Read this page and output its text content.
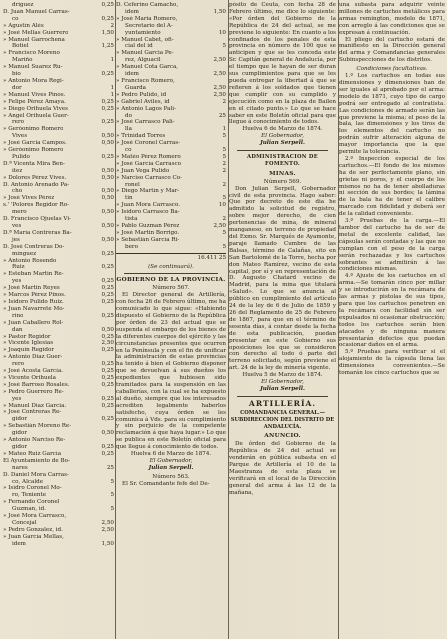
dríguez	0,25
D. Juan Manuel Carras-
co	0,25
» Agustín Alés	2
» José Mellas Guerrero	1,50
» Manuel Garrochena
Botiel	1,25
» Francisco Moreno
Mariño	1
» Manuel Suarez Ru-
bio	0,25
» Antonio Mora Regi-
dor	1
» Manuel Vives Pinos.	1
» Felipe Pérez Amaya.	0,25
» Diego Orihuela Vives	0,25
» Angel Orihuela Guer-
rero	0,25
» Geróonimo Romero
Vives	0,50
» José Garcia Campos.	0,50
» Geróonimo Romero
Pulido	0,25
D.ª Vicenta Mira Ben-
ítez	0,50
» Dolores Pérez Vives.	0,50
D. Antonio Arenado Pa-
cho	0,50
» José Vives Pérez	0,50
s.' 'Polores Regidor Ro-
mero	0,50
D. Francisco Ojuelas Vi-
ves	0,50
D.ª María Contreras Ba-
jes	0,50
D. José Contreras Do-
mínguez	0,25
» Antonio Rosendo
Ruiz	0,25
» Esteban Martin Re-
yes	0,25
» José Martin Reyes	0,25
» Marcos Pérez Pinos.	0,25
» Isidoro Pulido Ruiz.	0,25
» Juan Navarrete Mo-
rino	0,25
» Juan Caballero Rol-
dan	0,50
» Pastor Regidor	0,25
» Vicente Iglesias	2,50
» Joaquín Regidor	0,25
» Antonio Diaz Guer-
rero	0,25
» José Acosta García.	0,25
» Vicente Orihuela	0,25
» José Barroso Rosales.	0,25
» Pedro Guerrero Re-
yes	0,25
» Manuel Diaz Garcia.	0,25
» José Contreras Re-
gidor	0,25
» Sebastián Moreno Re-
gidor	0,50
» Antonio Narciso Re-
gidor	0,25
» Mateo Ruiz García	0,25
El Ayuntamiento de Bo-
nares	25
D. Daniel Mora Carras-
co, Alcalde	5
» Isidro Coronel Mo-
ro, Teniente	5
» Fernando Coronel
Guzman, id.	5
» José Mora Carrasco,
Concejal	2,50
» Pedro Gonzalez, id.	2,50
» Juan García Mellas,
idem	1,50
D. Ceferino Camacho,
idem	1,50
» José Maria Romero,
Secretario del A-
yuntamiento	10
» Manuel Cabet, ofi-
cial del id	5
» Manuel Garcia Pe-
rez, Alguacil	2,50
» Manuel Cota Garca,
idem	2,50
» Francisco Romero,
Guarda	2,50
» Pedro Pulido, id	2,50
» Gabriel Aviles, id	2
» Antonio Lagos Pali-
do	25
» José Carrasco Pali-
lla	1
» Trinidad Torres	5
» José Coronel Carras-
co	5
» Matéo Pérez Romero	5
» José García Carrasco	2
» Juan Vega Pulido	2
» Narciso Carrasco Co-
ronel	2
» Diego Martín y Mar-
tin	5
» Juan Mora Carrasco.	10
» Isidoro Carrasco Ba-
tista	2
» Pablo Guzman Pérez	2,50
» José Martin Borrigo.	5
» Sebastián García Ri-
bero	5
16.411 25
(Se continuará).
GOBIERNO DE LA PROVINCIA.
Número 567.

El Director general de Artillería, con fecha 26 de Febrero último, me ha comunicado lo que sigue: «Habiendo dispuesto el Gobierno de la República por órden de 23 del actual que se suspenda el embargo de los bienes de la diferentes cuerpos del ejército y las circunstancias presentes que ocurren en la Península y con el fin de unificar la administración de estas provincias ha tenido á bien el Gobierno disponer que se devuelvan á sus dueños los expedientes que hubiesen sido tramitados para la suspensión en las caballerías, con la cual se ha expuesto al dueño, siempre que los interesados acrediten legalmente haberlos satisfecho, cuya órden se les comunica á Vds. para su cumplimiento y sin perjuicio de la competente reclamación á que haya lugar.» Lo que se publica en este Boletín oficial para que llegue á conocimiento de todos.

Huelva 6 de Marzo de 1874.
El Gobernador,
Julian Serpell.
Número 563.

El Sr. Comandante fefe del De-

pósito de Ceuta, con fecha 28 de Febrero último, me dice lo siguiente: «Por órden del Gobierno de la República de 24 del actual, se me previene lo siguiente: En cuanto a los confinados de los penales de esta provincia en número de 100 que se anticipen y que se les conceda este Sr. Capitán general de Andalucía, por el tiempo que le hayan de ser duran sus cumplimientos para que se les pueda entregar la libertad á que se refieren á los soldados que tienen que cumplir con su cumplido y ejecución como en la plaza de Bailen en el citado punto.» Lo que se hace saber en este Boletín oficial para que llegue á conocimiento de todos.

Huelva 6 de Marzo de 1874.
El Gobernador,
Julian Serpell.
ADMINISTRACION DE FOMENTO.
MINAS.
Número 569.

Don Julian Serpell, Gobernador civil de esta provincia. Hago saber: Que por decreto de este dia he admitido la solicitud de registro, sobre mejor derecho, de cien pertenencias de mina, de mineral manganeso, en terreno de propiedad del Exmo. Sr. Marqués de Ayamonte, paraje llamado Cumbre de las Balsas, término de Calañas, sito en San Bartolomé de la Torre, hecha por don Mateo Ramírez, vecino de esta capital, por sí y en representación de D. Augusto Chatard vecino de Madrid, para la mina que titulará «Salud». Lo que se anuncia al público en cumplimiento del artículo 24 de la ley de 6 de Julio de 1859 y 26 del Reglamento de 25 de Febrero de 1867, para que en el término de sesenta días, á contar desde la fecha de esta publicación, puedan presentar en este Gobierno sus oposiciones los que se consideren con derecho al todo ó parte del terreno solicitado, según previene el art. 24 de la ley de minería vigente.

Huelva 5 de Marzo de 1874.
El Gobernador,
Julian Serpell.
ARTILLERÍA.
COMANDANCIA GENERAL.—SUBDIRECCION DEL DISTRITO DE ANDALUCÍA.
ANUNCIO.

De órden del Gobierno de la República de 24 del actual se venderán en pública subasta en el Parque de Artillería el 10 de la Maestranza de esta plaza se verificará en el local de la Dirección general del arma á las 12 de la mañana,

una subasta para adquirir veinte millones de cartuchos metálicos para armas remington, modelo de 1871, con arreglo á las condiciones que se expresan á continuación.

El pliego del cartucho estará de manifiesto en la Dirección general del arma y Comandancias generales Subinspecciones de los distritos.

Condiciones facultativas.

1.º Los cartuchos en todas sus dimensiones y dimensiones han de ser iguales al aprobado por el arma: modelo de 1871, cuyo tipo de cargo podrá ser entregado al contratista. Las condiciones de armado serán las que previene la misma; el peso de la bala, las dimensiones y los tiros de los elementos del cartucho no podrán sufrir alteración alguna de mayor importancia que la que permite la tolerancia.

2.º Inspeccion especial de los cartuchos.—El fondo de los mismos ha de ser perfectamente plano, sin grietas ni poros, y el cuerpo de los mismos no ha de tener abolladuras ni sección de sus bordes; la lámina de la bala ha de tener el calibre marcado con fidelidad y deberá ser de la calidad conveniente.

3.º Pruebas de la carga.—El tambor del cartucho ha de ser de metal de excelente calidad, las cápsulas serán contadas y las que no cumplan con el peso de la carga serán rechazadas y los cartuchos sobrantes se admitirán á las condiciones mismas.

4.º Ajuste de los cartuchos en el arma.—Se tomarán cinco por millar y se introducirán en la recámara de las armas y pistolas de sus tipos, para que los cartuchos penetren en la recámara con facilidad sin ser expulsados ni ocasionar obstrucción; todos los cartuchos serán bien atacados y de ninguna manera presentarán defectos que puedan ocasionar daños en el arma.

5.º Pruebas para verificar si el alojamiento de la cápsula llena las dimensiones convenientes.—Se tomarán los cinco cartuchos que se
